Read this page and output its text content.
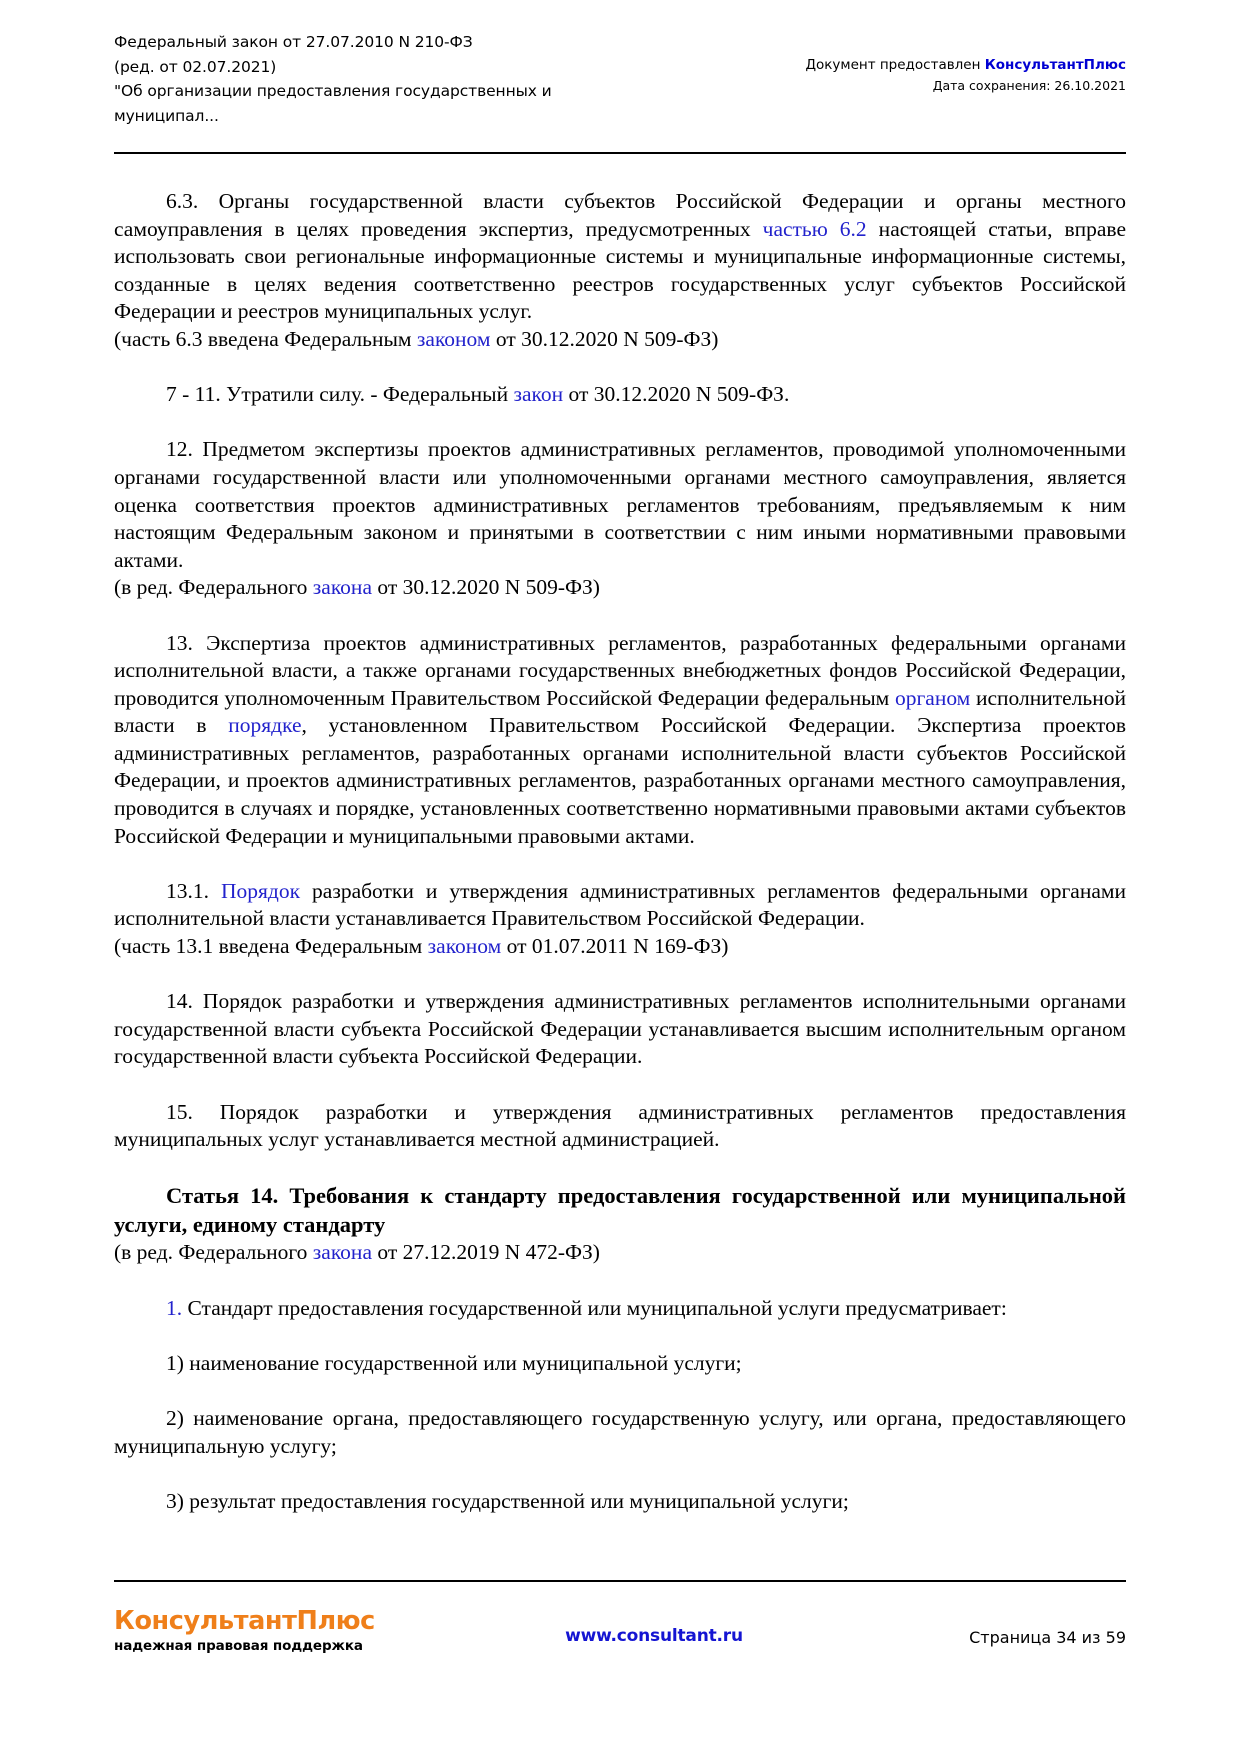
Федеральный закон от 27.07.2010 N 210-ФЗ
(ред. от 02.07.2021)
"Об организации предоставления государственных и
муниципал...
Документ предоставлен КонсультантПлюс
Дата сохранения: 26.10.2021

6.3. Органы государственной власти субъектов Российской Федерации и органы местного самоуправления в целях проведения экспертиз, предусмотренных частью 6.2 настоящей статьи, вправе использовать свои региональные информационные системы и муниципальные информационные системы, созданные в целях ведения соответственно реестров государственных услуг субъектов Российской Федерации и реестров муниципальных услуг.

(часть 6.3 введена Федеральным законом от 30.12.2020 N 509-ФЗ)

7 - 11. Утратили силу. - Федеральный закон от 30.12.2020 N 509-ФЗ.

12. Предметом экспертизы проектов административных регламентов, проводимой уполномоченными органами государственной власти или уполномоченными органами местного самоуправления, является оценка соответствия проектов административных регламентов требованиям, предъявляемым к ним настоящим Федеральным законом и принятыми в соответствии с ним иными нормативными правовыми актами.

(в ред. Федерального закона от 30.12.2020 N 509-ФЗ)

13. Экспертиза проектов административных регламентов, разработанных федеральными органами исполнительной власти, а также органами государственных внебюджетных фондов Российской Федерации, проводится уполномоченным Правительством Российской Федерации федеральным органом исполнительной власти в порядке, установленном Правительством Российской Федерации. Экспертиза проектов административных регламентов, разработанных органами исполнительной власти субъектов Российской Федерации, и проектов административных регламентов, разработанных органами местного самоуправления, проводится в случаях и порядке, установленных соответственно нормативными правовыми актами субъектов Российской Федерации и муниципальными правовыми актами.

13.1. Порядок разработки и утверждения административных регламентов федеральными органами исполнительной власти устанавливается Правительством Российской Федерации.

(часть 13.1 введена Федеральным законом от 01.07.2011 N 169-ФЗ)

14. Порядок разработки и утверждения административных регламентов исполнительными органами государственной власти субъекта Российской Федерации устанавливается высшим исполнительным органом государственной власти субъекта Российской Федерации.

15. Порядок разработки и утверждения административных регламентов предоставления муниципальных услуг устанавливается местной администрацией.

Статья 14. Требования к стандарту предоставления государственной или муниципальной услуги, единому стандарту

(в ред. Федерального закона от 27.12.2019 N 472-ФЗ)

1. Стандарт предоставления государственной или муниципальной услуги предусматривает:

1) наименование государственной или муниципальной услуги;

2) наименование органа, предоставляющего государственную услугу, или органа, предоставляющего муниципальную услугу;

3) результат предоставления государственной или муниципальной услуги;

КонсультантПлюс
надежная правовая поддержка	www.consultant.ru	Страница 34 из 59
